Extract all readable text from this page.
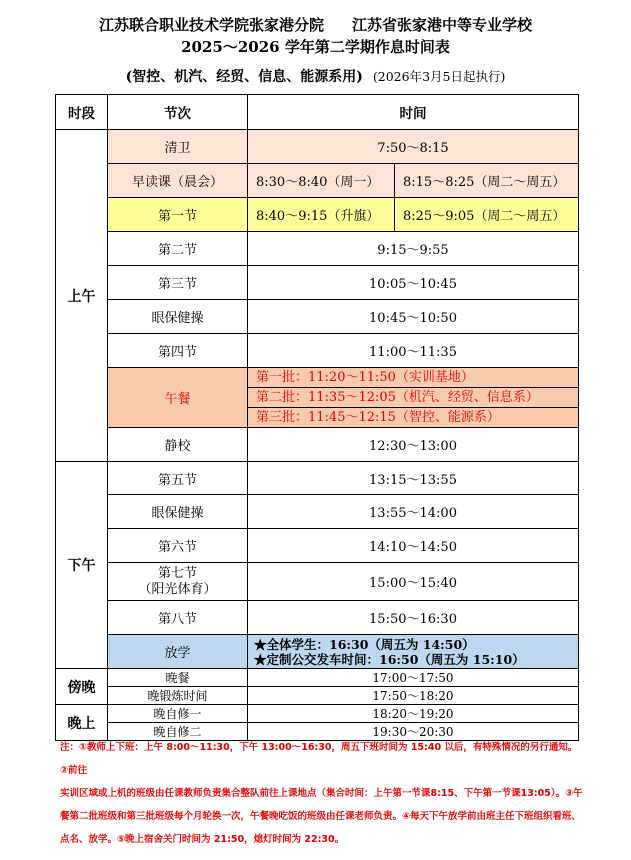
江苏联合职业技术学院张家港分院 江苏省张家港中等专业学校
2025～2026 学年第二学期作息时间表
(智控、机汽、经贸、信息、能源系用) (2026年3月5日起执行)
时段	节次	时间	
上午	清卫	7:50～8:15	
	早读课（晨会）	8:30～8:40（周一）	8:15～8:25（周二～周五）
	第一节	8:40～9:15（升旗）	8:25～9:05（周二～周五）
	第二节	9:15～9:55	
	第三节	10:05～10:45	
	眼保健操	10:45～10:50	
	第四节	11:00～11:35	
	午餐	第一批：11:20～11:50（实训基地）
第二批：11:35～12:05（机汽、经贸、信息系）
第三批：11:45～12:15（智控、能源系）	

	静校	12:30～13:00	
下午	第五节	13:15～13:55	
	眼保健操	13:55～14:00	
	第六节	14:10～14:50	

	第七节
（阳光体育）	15:00～15:40	
	第八节	15:50～16:30	
	放学	★全体学生：16:30（周五为 14:50）
★定制公交发车时间：16:50（周五为 15:10）	

傍晚	晚餐	17:00～17:50	
	晚锻炼时间	17:50～18:20	
晚上	晚自修一	18:20～19:20	
	晚自修二	19:30～20:30	
注：①教师上下班：上午 8:00～11:30，下午 13:00～16:30，周五下班时间为 15:40 以后，有特殊情况的另行通知。②前往
实训区域或上机的班级由任课教师负责集合整队前往上课地点（集合时间：上午第一节课8:15、下午第一节课13:05）。③午
餐第二批班级和第三批班级每个月轮换一次，午餐晚吃饭的班级由任课老师负责。④每天下午放学前由班主任下班组织看班、
点名、放学。⑤晚上宿舍关门时间为 21:50，熄灯时间为 22:30。
